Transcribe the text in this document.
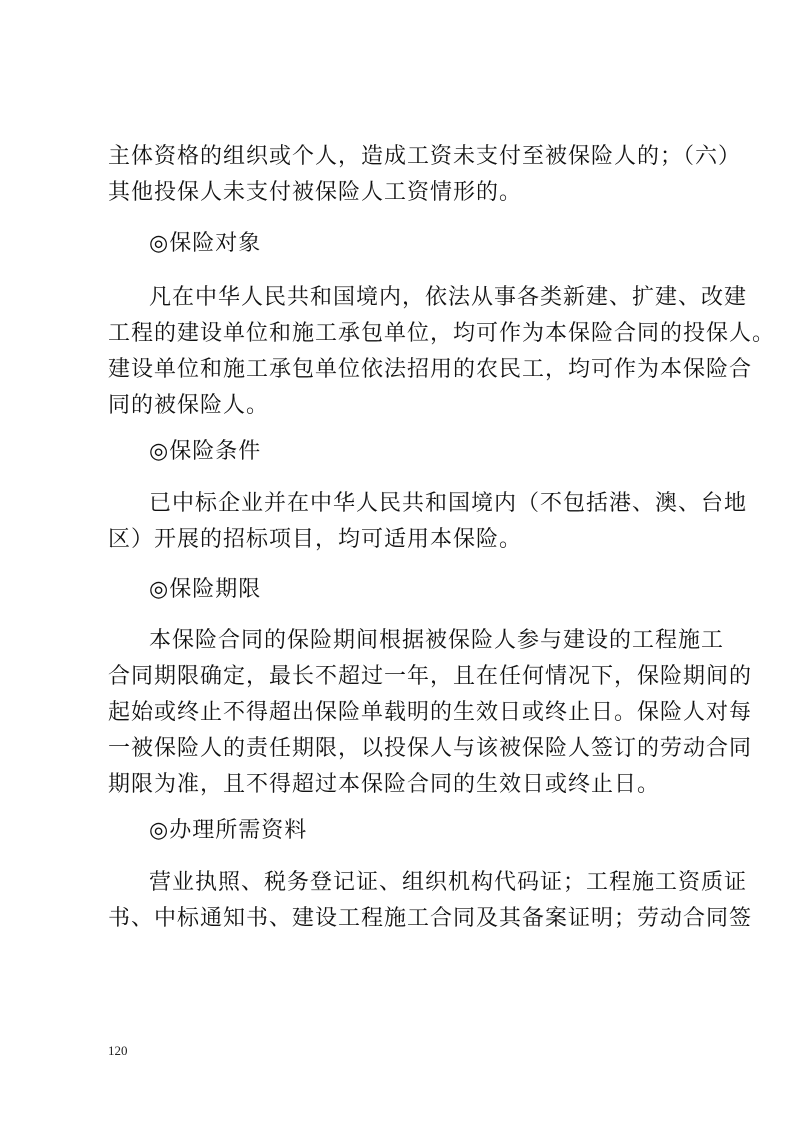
主体资格的组织或个人，造成工资未支付至被保险人的；（六）
其他投保人未支付被保险人工资情形的。
◎保险对象
凡在中华人民共和国境内，依法从事各类新建、扩建、改建
工程的建设单位和施工承包单位，均可作为本保险合同的投保人。
建设单位和施工承包单位依法招用的农民工，均可作为本保险合
同的被保险人。
◎保险条件
已中标企业并在中华人民共和国境内（不包括港、澳、台地
区）开展的招标项目，均可适用本保险。
◎保险期限
本保险合同的保险期间根据被保险人参与建设的工程施工
合同期限确定，最长不超过一年，且在任何情况下，保险期间的
起始或终止不得超出保险单载明的生效日或终止日。保险人对每
一被保险人的责任期限，以投保人与该被保险人签订的劳动合同
期限为准，且不得超过本保险合同的生效日或终止日。
◎办理所需资料
营业执照、税务登记证、组织机构代码证；工程施工资质证
书、中标通知书、建设工程施工合同及其备案证明；劳动合同签
120
